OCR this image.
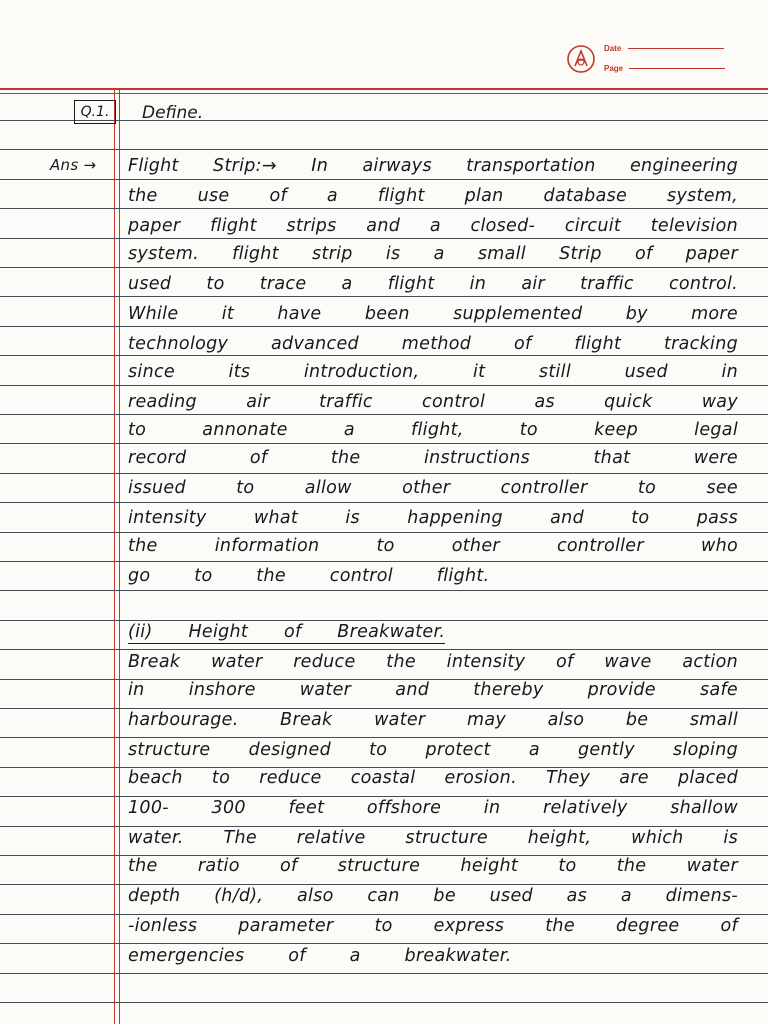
Date
Page
Q.1.	Define.
Ans → Flight Strip:→ In airways transportation engineering
the use of a flight plan database system,
paper flight strips and a closed- circuit television
system. flight strip is a small Strip of paper
used to trace a flight in air traffic control.
While it have been supplemented by more
technology advanced method of flight tracking
since its introduction, it still used in
reading air traffic control as quick way
to annonate a flight, to keep legal
record of the instructions that were
issued to allow other controller to see
intensity what is happening and to pass
the information to other controller who
go to the control flight.
(ii) Height of Breakwater.
Break water reduce the intensity of wave action
in inshore water and thereby provide safe
harbourage. Break water may also be small
structure designed to protect a gently sloping
beach to reduce coastal erosion. They are placed
100- 300 feet offshore in relatively shallow
water. The relative structure height, which is
the ratio of structure height to the water
depth (h/d), also can be used as a dimens-
-ionless parameter to express the degree of
emergencies of a breakwater.
